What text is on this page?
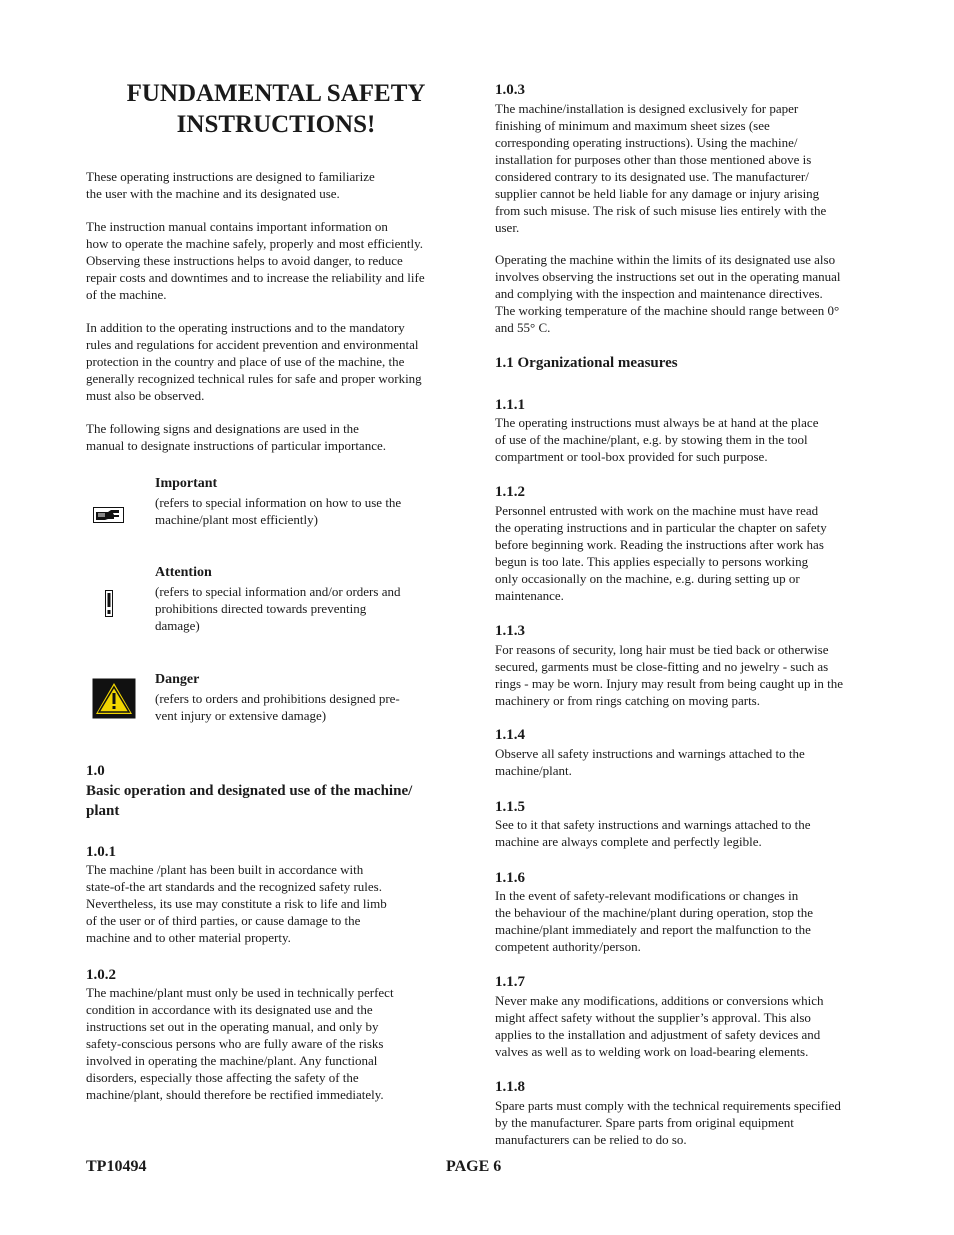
FUNDAMENTAL SAFETY
INSTRUCTIONS!

These operating instructions are designed to familiarize
the user with the machine and its designated use.

The instruction manual contains important information on
how to operate the machine safely, properly and most efficiently.
Observing these instructions helps to avoid danger, to reduce
repair costs and downtimes and to increase the reliability and life
of the machine.

In addition to the operating instructions and to the mandatory
rules and regulations for accident prevention and environmental
protection in the country and place of use of the machine, the
generally recognized technical rules for safe and proper working
must also be observed.

The following signs and designations are used in the
manual to designate instructions of particular importance.

Important
(refers to special information on how to use the
machine/plant most efficiently)
Attention
(refers to special information and/or orders and
prohibitions directed towards preventing
damage)
Danger
(refers to orders and prohibitions designed pre-
vent injury or extensive damage)
1.0
Basic operation and designated use of the machine/
plant
1.0.1

The machine /plant has been built in accordance with
state-of-the art standards and the recognized safety rules.
Nevertheless, its use may constitute a risk to life and limb
of the user or of third parties, or cause damage to the
machine and to other material property.

1.0.2

The machine/plant must only be used in technically perfect
condition in accordance with its designated use and the
instructions set out in the operating manual, and only by
safety-conscious persons who are fully aware of the risks
involved in operating the machine/plant. Any functional
disorders, especially those affecting the safety of the
machine/plant, should therefore be rectified immediately.

1.0.3

The machine/installation is designed exclusively for paper
finishing of minimum and maximum sheet sizes (see
corresponding operating instructions). Using the machine/
installation for purposes other than those mentioned above is
considered contrary to its designated use. The manufacturer/
supplier cannot be held liable for any damage or injury arising
from such misuse. The risk of such misuse lies entirely with the
user.

Operating the machine within the limits of its designated use also
involves observing the instructions set out in the operating manual
and complying with the inspection and maintenance directives.
The working temperature of the machine should range between 0°
and 55° C.

1.1 Organizational measures
1.1.1

The operating instructions must always be at hand at the place
of use of the machine/plant, e.g. by stowing them in the tool
compartment or tool-box provided for such purpose.

1.1.2

Personnel entrusted with work on the machine must have read
the operating instructions and in particular the chapter on safety
before beginning work. Reading the instructions after work has
begun is too late. This applies especially to persons working
only occasionally on the machine, e.g. during setting up or
maintenance.

1.1.3

For reasons of security, long hair must be tied back or otherwise
secured, garments must be close-fitting and no jewelry - such as
rings - may be worn. Injury may result from being caught up in the
machinery or from rings catching on moving parts.

1.1.4

Observe all safety instructions and warnings attached to the
machine/plant.

1.1.5

See to it that safety instructions and warnings attached to the
machine are always complete and perfectly legible.

1.1.6

In the event of safety-relevant modifications or changes in
the behaviour of the machine/plant during operation, stop the
machine/plant immediately and report the malfunction to the
competent authority/person.

1.1.7

Never make any modifications, additions or conversions which
might affect safety without the supplier’s approval. This also
applies to the installation and adjustment of safety devices and
valves as well as to welding work on load-bearing elements.

1.1.8

Spare parts must comply with the technical requirements specified
by the manufacturer. Spare parts from original equipment
manufacturers can be relied to do so.

TP10494	PAGE 6
